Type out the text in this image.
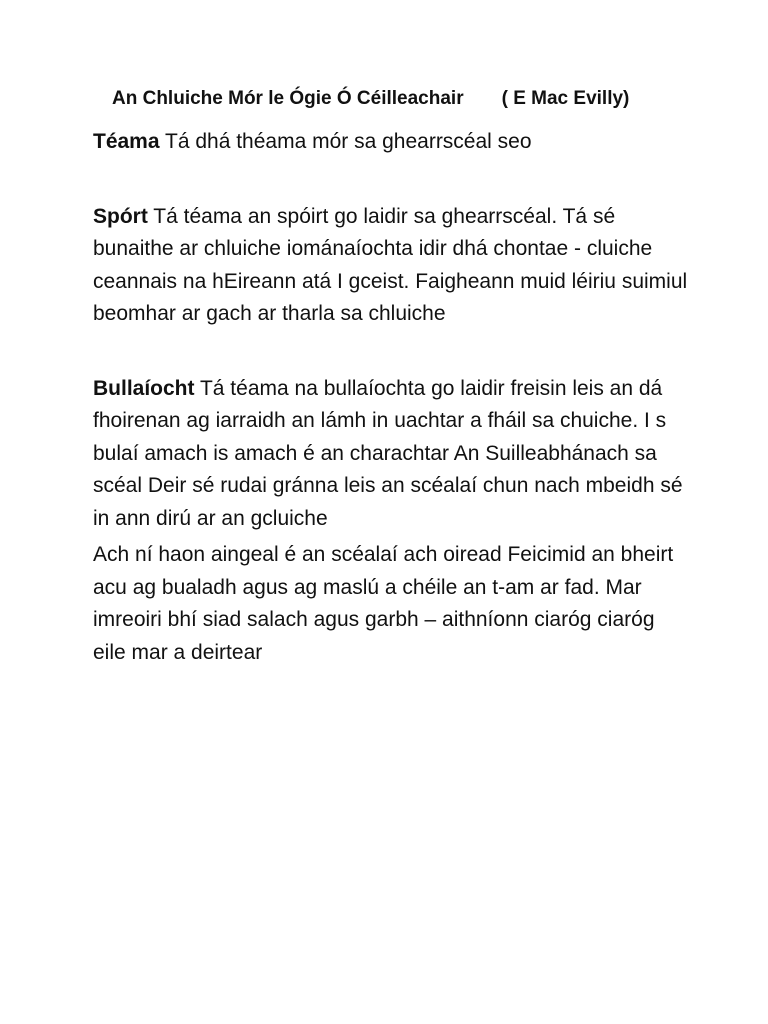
An Chluiche Mór le Ógie Ó Céilleachair ( E Mac Evilly)

Téama Tá dhá théama mór sa ghearrscéal seo

Spórt Tá téama an spóirt go laidir sa ghearrscéal. Tá sé bunaithe ar chluiche iománaíochta idir dhá chontae - cluiche ceannais na hEireann atá I gceist. Faigheann muid léiriu suimiul beomhar ar gach ar tharla sa chluiche

Bullaíocht Tá téama na bullaíochta go laidir freisin leis an dá fhoirenan ag iarraidh an lámh in uachtar a fháil sa chuiche. I s bulaí amach is amach é an charachtar An Suilleabhánach sa scéal Deir sé rudai gránna leis an scéalaí chun nach mbeidh sé in ann dirú ar an gcluiche

Ach ní haon aingeal é an scéalaí ach oiread Feicimid an bheirt acu ag bualadh agus ag maslú a chéile an t-am ar fad. Mar imreoiri bhí siad salach agus garbh – aithníonn ciaróg ciaróg eile mar a deirtear
